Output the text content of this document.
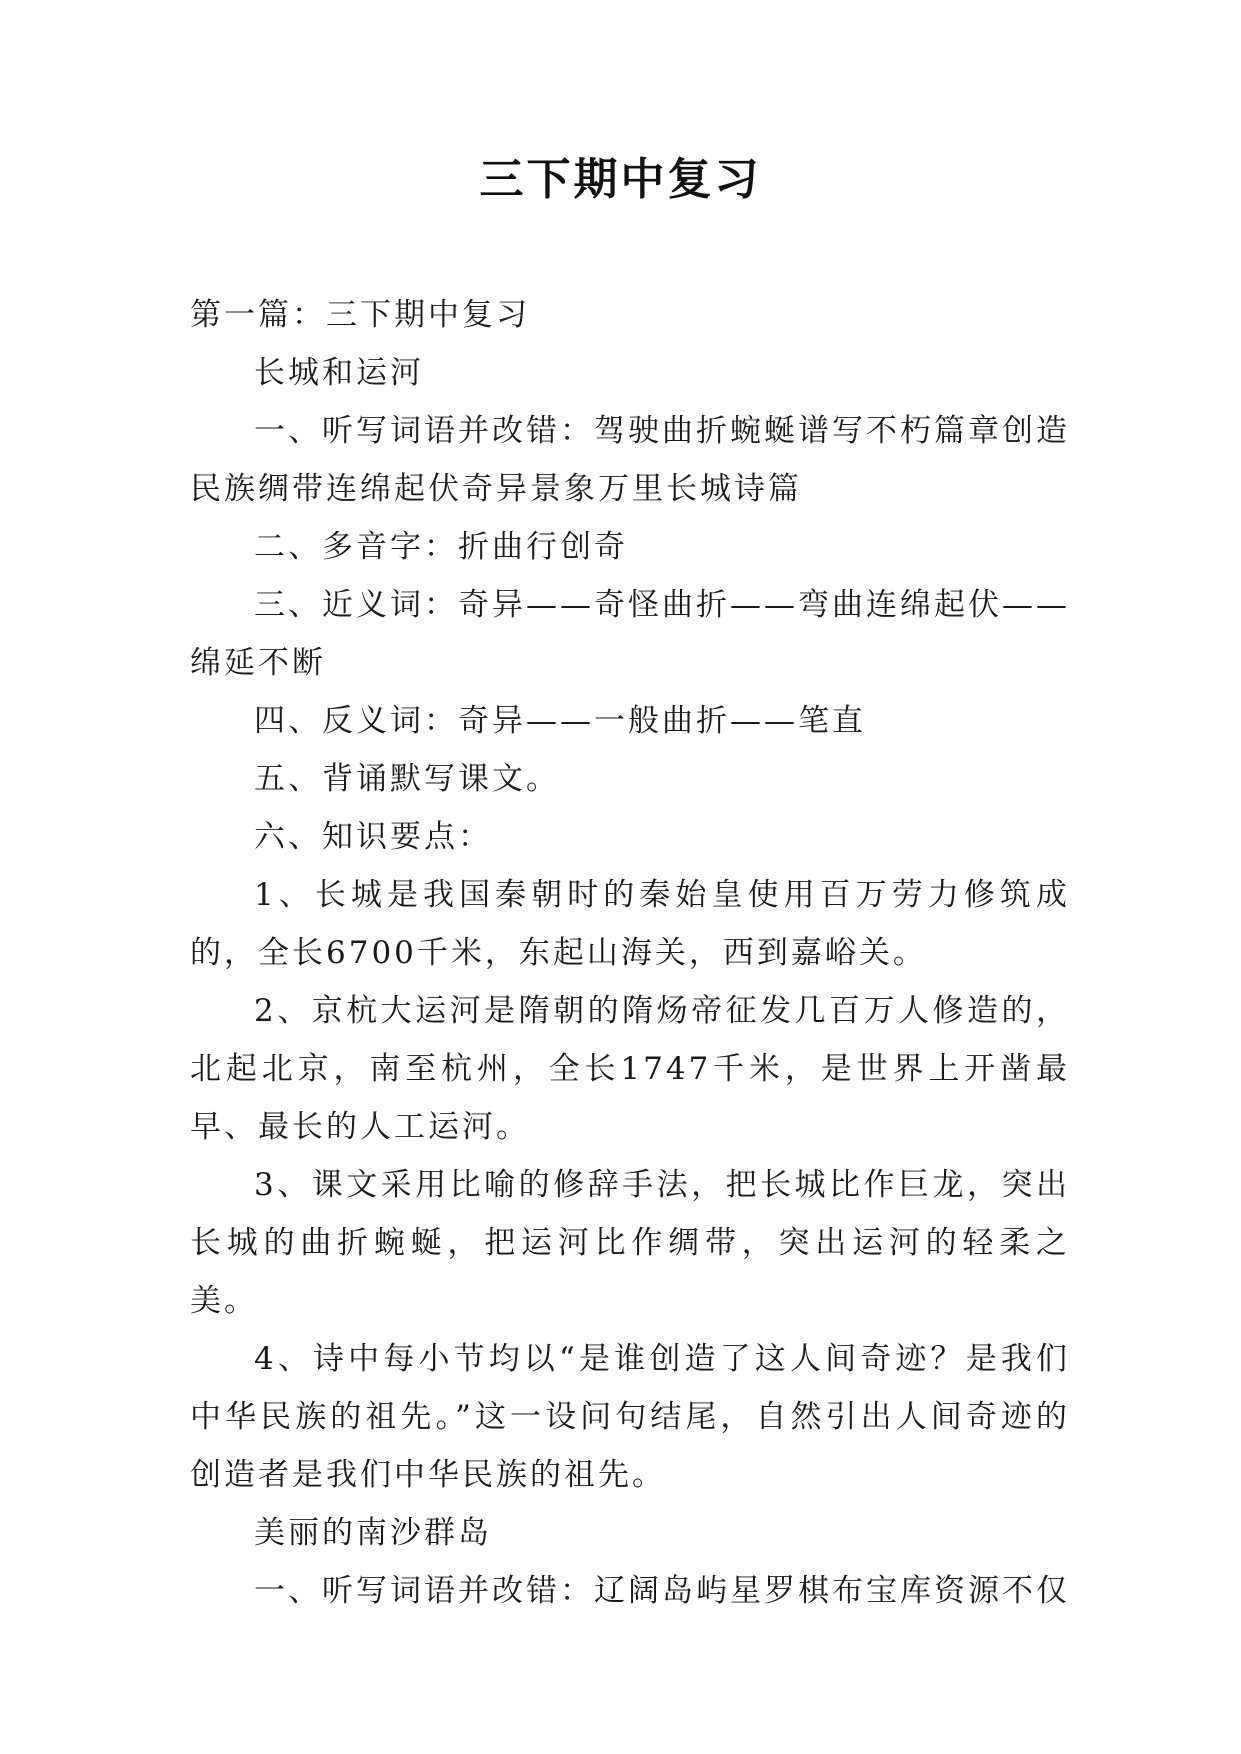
三下期中复习

第一篇：三下期中复习

长城和运河

一、听写词语并改错：驾驶曲折蜿蜒谱写不朽篇章创造民族绸带连绵起伏奇异景象万里长城诗篇

二、多音字：折曲行创奇

三、近义词：奇异——奇怪曲折——弯曲连绵起伏——绵延不断

四、反义词：奇异——一般曲折——笔直

五、背诵默写课文。

六、知识要点：

1、长城是我国秦朝时的秦始皇使用百万劳力修筑成的，全长6700千米，东起山海关，西到嘉峪关。

2、京杭大运河是隋朝的隋炀帝征发几百万人修造的，北起北京，南至杭州，全长1747千米，是世界上开凿最早、最长的人工运河。

3、课文采用比喻的修辞手法，把长城比作巨龙，突出长城的曲折蜿蜒，把运河比作绸带，突出运河的轻柔之美。

4、诗中每小节均以“是谁创造了这人间奇迹？是我们中华民族的祖先。”这一设问句结尾，自然引出人间奇迹的创造者是我们中华民族的祖先。

美丽的南沙群岛

一、听写词语并改错：辽阔岛屿星罗棋布宝库资源不仅
